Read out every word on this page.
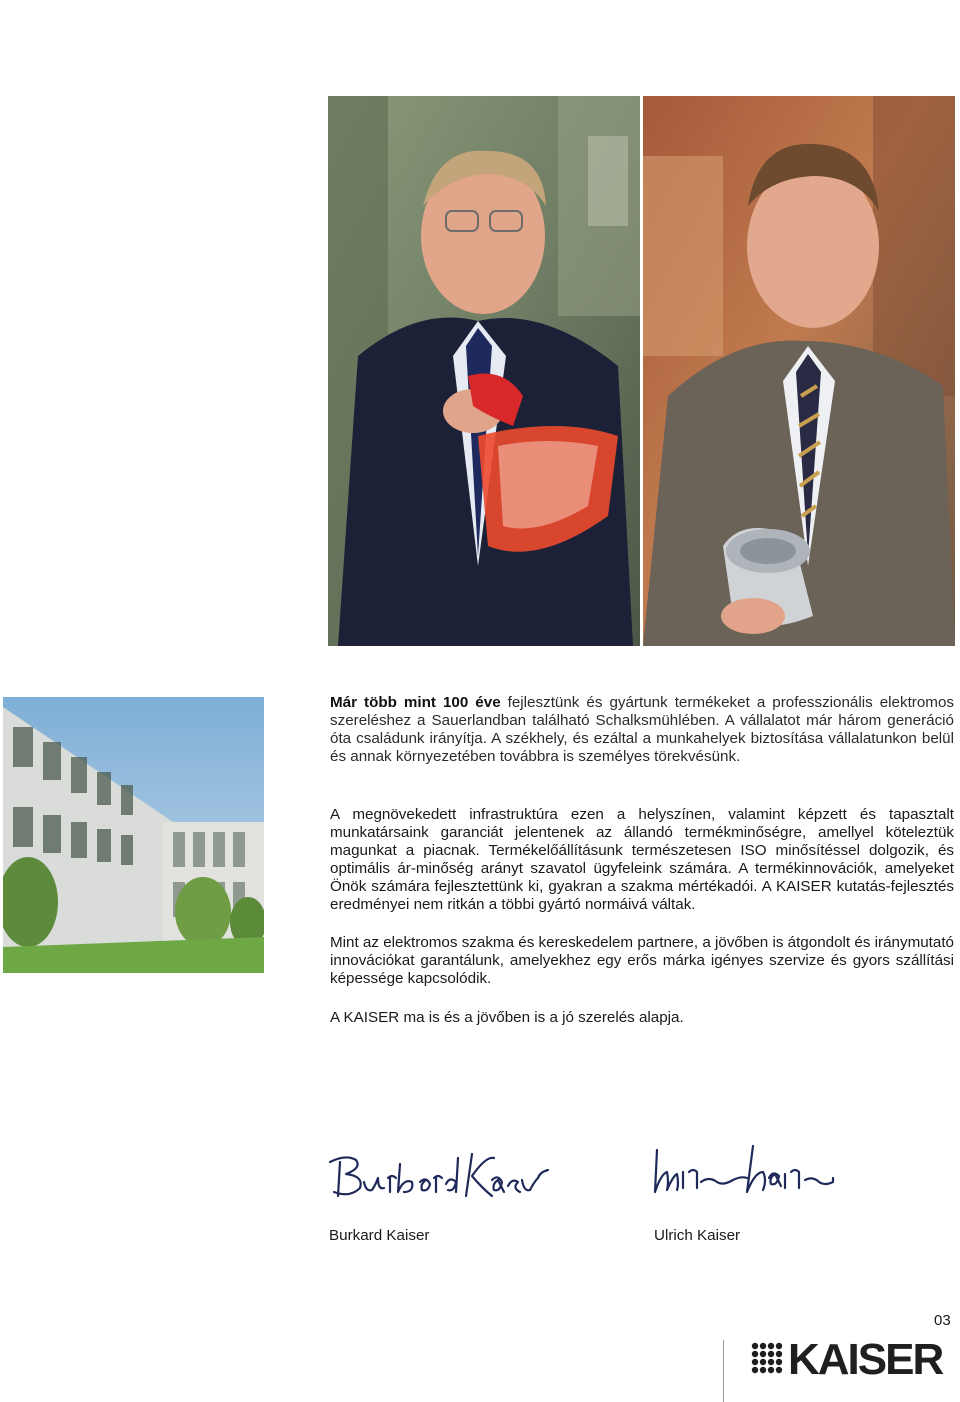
Már több mint 100 éve fejlesztünk és gyártunk termékeket a professzionális elektromos szereléshez a Sauerlandban található Schalksmühlében. A vállalatot már három generáció óta családunk irányítja. A székhely, és ezáltal a munkahelyek biztosítása vállalatunkon belül és annak környezetében továbbra is személyes törekvésünk.

A megnövekedett infrastruktúra ezen a helyszínen, valamint képzett és tapasztalt munkatársaink garanciát jelentenek az állandó termékminőségre, amellyel köteleztük magunkat a piacnak. Termékelőállításunk természetesen ISO minősítéssel dolgozik, és optimális ár-minőség arányt szavatol ügyfeleink számára. A termékinnovációk, amelyeket Önök számára fejlesztettünk ki, gyakran a szakma mértékadói. A KAISER kutatás-fejlesztés eredményei nem ritkán a többi gyártó normáivá váltak.

Mint az elektromos szakma és kereskedelem partnere, a jövőben is átgondolt és iránymutató innovációkat garantálunk, amelyekhez egy erős márka igényes szervize és gyors szállítási képessége kapcsolódik.

A KAISER ma is és a jövőben is a jó szerelés alapja.

Burkard Kaiser	Ulrich Kaiser
03
KAISER
